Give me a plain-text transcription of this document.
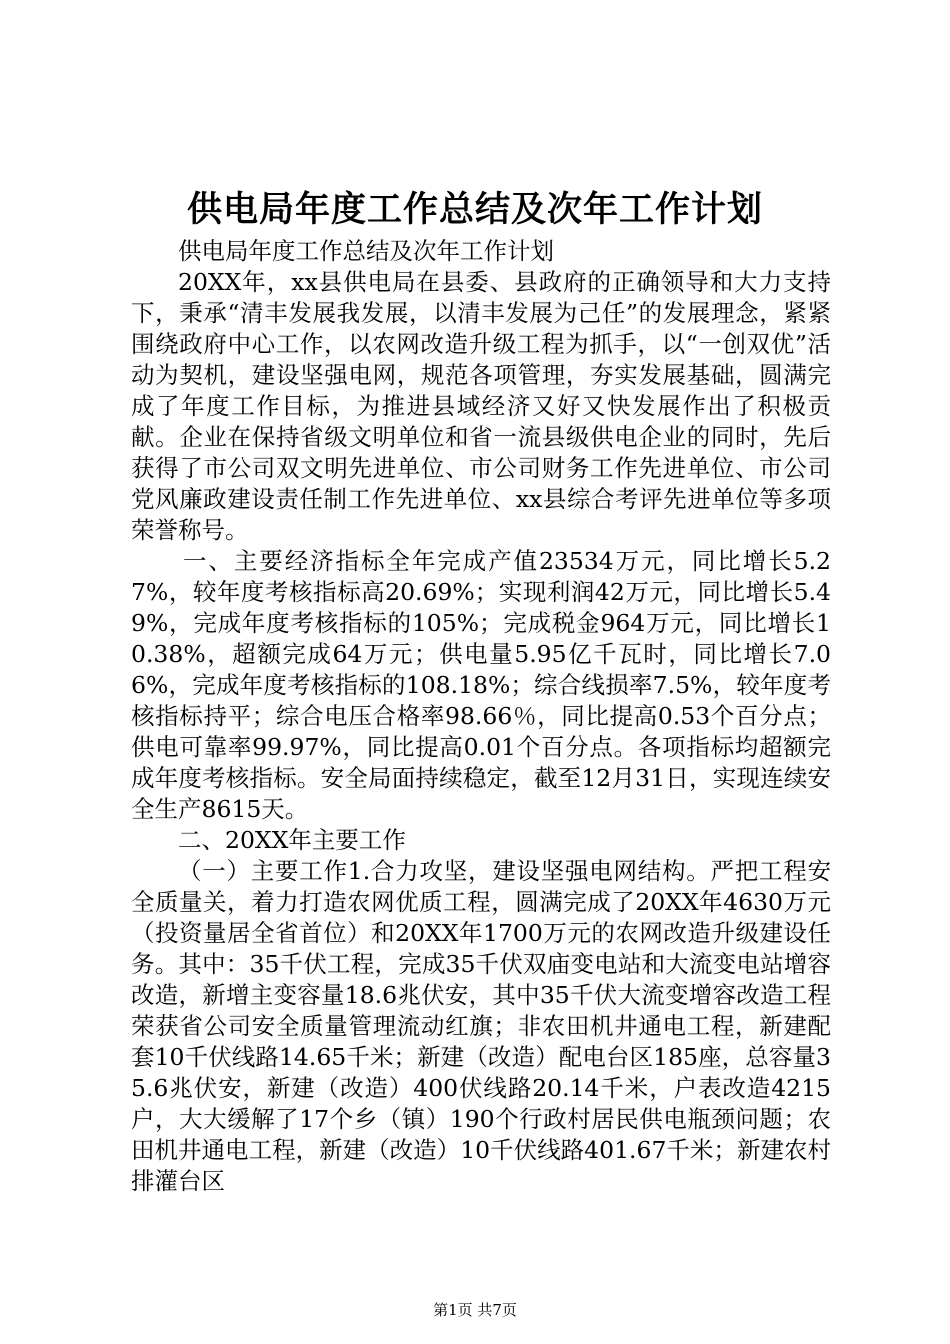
供电局年度工作总结及次年工作计划

供电局年度工作总结及次年工作计划

20XX年，xx县供电局在县委、县政府的正确领导和大力支持下，秉承“清丰发展我发展，以清丰发展为己任”的发展理念，紧紧围绕政府中心工作，以农网改造升级工程为抓手，以“一创双优”活动为契机，建设坚强电网，规范各项管理，夯实发展基础，圆满完成了年度工作目标，为推进县域经济又好又快发展作出了积极贡献。企业在保持省级文明单位和省一流县级供电企业的同时，先后获得了市公司双文明先进单位、市公司财务工作先进单位、市公司党风廉政建设责任制工作先进单位、xx县综合考评先进单位等多项荣誉称号。

一、主要经济指标全年完成产值23534万元，同比增长5.27%，较年度考核指标高20.69%；实现利润42万元，同比增长5.49%，完成年度考核指标的105%；完成税金964万元，同比增长10.38%，超额完成64万元；供电量5.95亿千瓦时，同比增长7.06%，完成年度考核指标的108.18%；综合线损率7.5%，较年度考核指标持平；综合电压合格率98.66％，同比提高0.53个百分点；供电可靠率99.97%，同比提高0.01个百分点。各项指标均超额完成年度考核指标。安全局面持续稳定，截至12月31日，实现连续安全生产8615天。

二、20XX年主要工作

（一）主要工作1.合力攻坚，建设坚强电网结构。严把工程安全质量关，着力打造农网优质工程，圆满完成了20XX年4630万元（投资量居全省首位）和20XX年1700万元的农网改造升级建设任务。其中：35千伏工程，完成35千伏双庙变电站和大流变电站增容改造，新增主变容量18.6兆伏安，其中35千伏大流变增容改造工程荣获省公司安全质量管理流动红旗；非农田机井通电工程，新建配套10千伏线路14.65千米；新建（改造）配电台区185座，总容量35.6兆伏安，新建（改造）400伏线路20.14千米，户表改造4215户，大大缓解了17个乡（镇）190个行政村居民供电瓶颈问题；农田机井通电工程，新建（改造）10千伏线路401.67千米；新建农村排灌台区

第1页 共7页
